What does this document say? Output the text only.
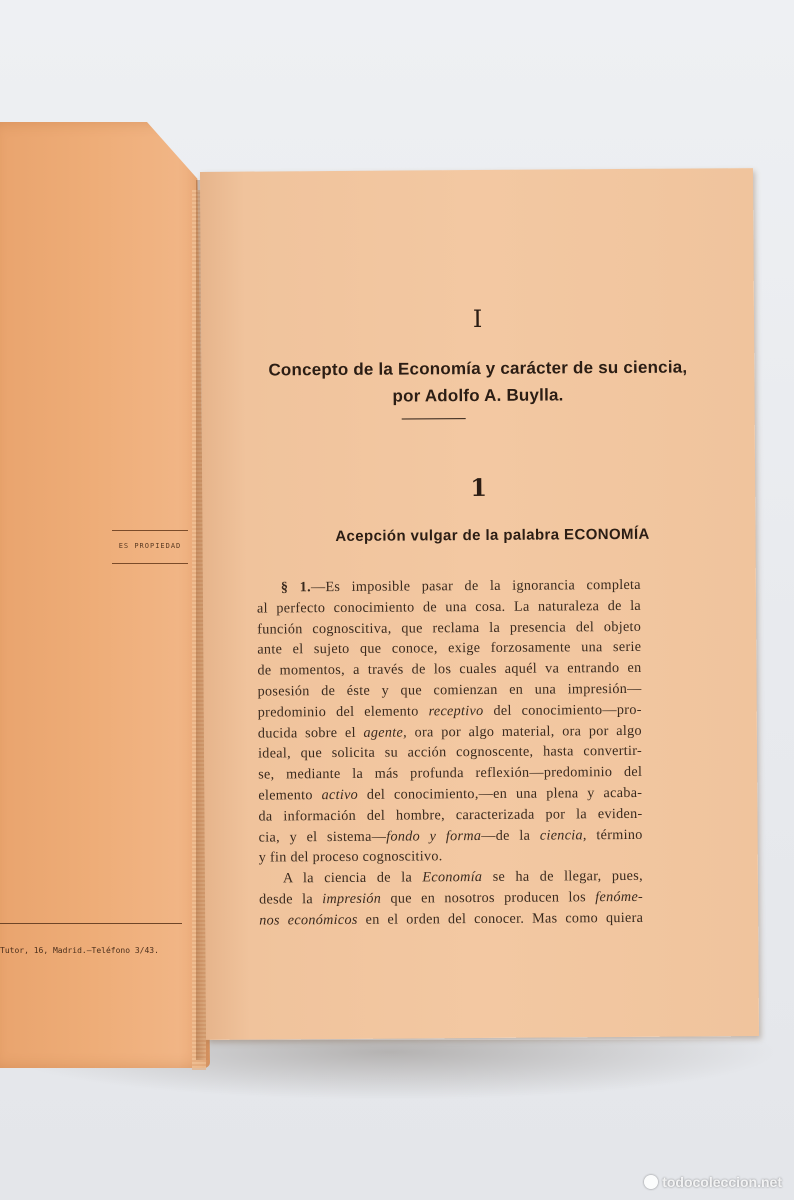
ES PROPIEDAD
Tutor, 16, Madrid.—Teléfono 3/43.
I
Concepto de la Economía y carácter de su ciencia,
por Adolfo A. Buylla.
1
Acepción vulgar de la palabra ECONOMÍA
§ 1.—Es imposible pasar de la ignorancia completa
al perfecto conocimiento de una cosa. La naturaleza de la
función cognoscitiva, que reclama la presencia del objeto
ante el sujeto que conoce, exige forzosamente una serie
de momentos, a través de los cuales aquél va entrando en
posesión de éste y que comienzan en una impresión—
predominio del elemento receptivo del conocimiento—pro-
ducida sobre el agente, ora por algo material, ora por algo
ideal, que solicita su acción cognoscente, hasta convertir-
se, mediante la más profunda reflexión—predominio del
elemento activo del conocimiento,—en una plena y acaba-
da información del hombre, caracterizada por la eviden-
cia, y el sistema—fondo y forma—de la ciencia, término
y fin del proceso cognoscitivo.
A la ciencia de la Economía se ha de llegar, pues,
desde la impresión que en nosotros producen los fenóme-
nos económicos en el orden del conocer. Mas como quiera
todocoleccion.net
